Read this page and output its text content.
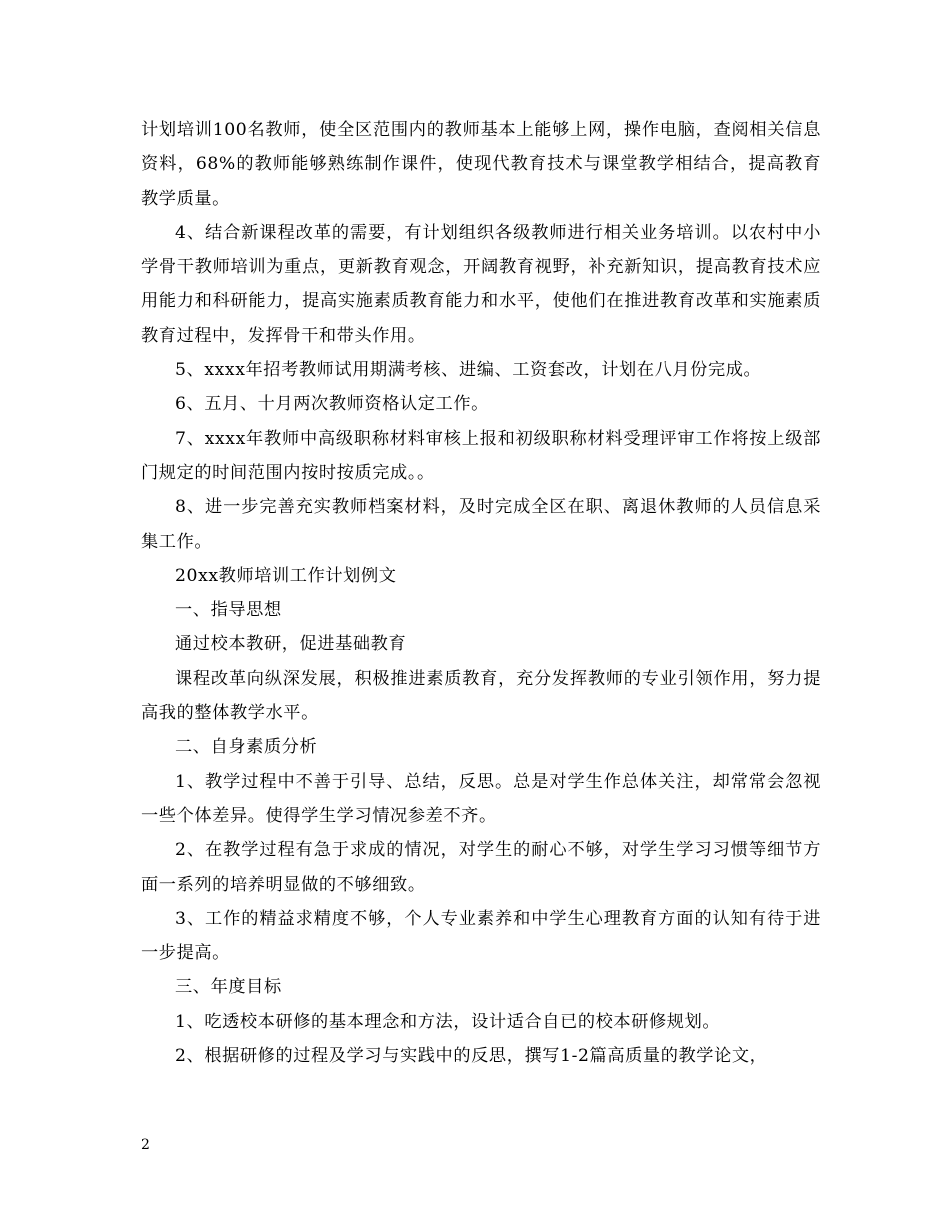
计划培训100名教师，使全区范围内的教师基本上能够上网，操作电脑，查阅相关信息资料，68%的教师能够熟练制作课件，使现代教育技术与课堂教学相结合，提高教育教学质量。

4、结合新课程改革的需要，有计划组织各级教师进行相关业务培训。以农村中小学骨干教师培训为重点，更新教育观念，开阔教育视野，补充新知识，提高教育技术应用能力和科研能力，提高实施素质教育能力和水平，使他们在推进教育改革和实施素质教育过程中，发挥骨干和带头作用。

5、xxxx年招考教师试用期满考核、进编、工资套改，计划在八月份完成。

6、五月、十月两次教师资格认定工作。

7、xxxx年教师中高级职称材料审核上报和初级职称材料受理评审工作将按上级部门规定的时间范围内按时按质完成。。

8、进一步完善充实教师档案材料，及时完成全区在职、离退休教师的人员信息采集工作。

20xx教师培训工作计划例文

一、指导思想

通过校本教研，促进基础教育

课程改革向纵深发展，积极推进素质教育，充分发挥教师的专业引领作用，努力提高我的整体教学水平。

二、自身素质分析

1、教学过程中不善于引导、总结，反思。总是对学生作总体关注，却常常会忽视一些个体差异。使得学生学习情况参差不齐。

2、在教学过程有急于求成的情况，对学生的耐心不够，对学生学习习惯等细节方面一系列的培养明显做的不够细致。

3、工作的精益求精度不够，个人专业素养和中学生心理教育方面的认知有待于进一步提高。

三、年度目标

1、吃透校本研修的基本理念和方法，设计适合自已的校本研修规划。

2、根据研修的过程及学习与实践中的反思，撰写1-2篇高质量的教学论文，

2
